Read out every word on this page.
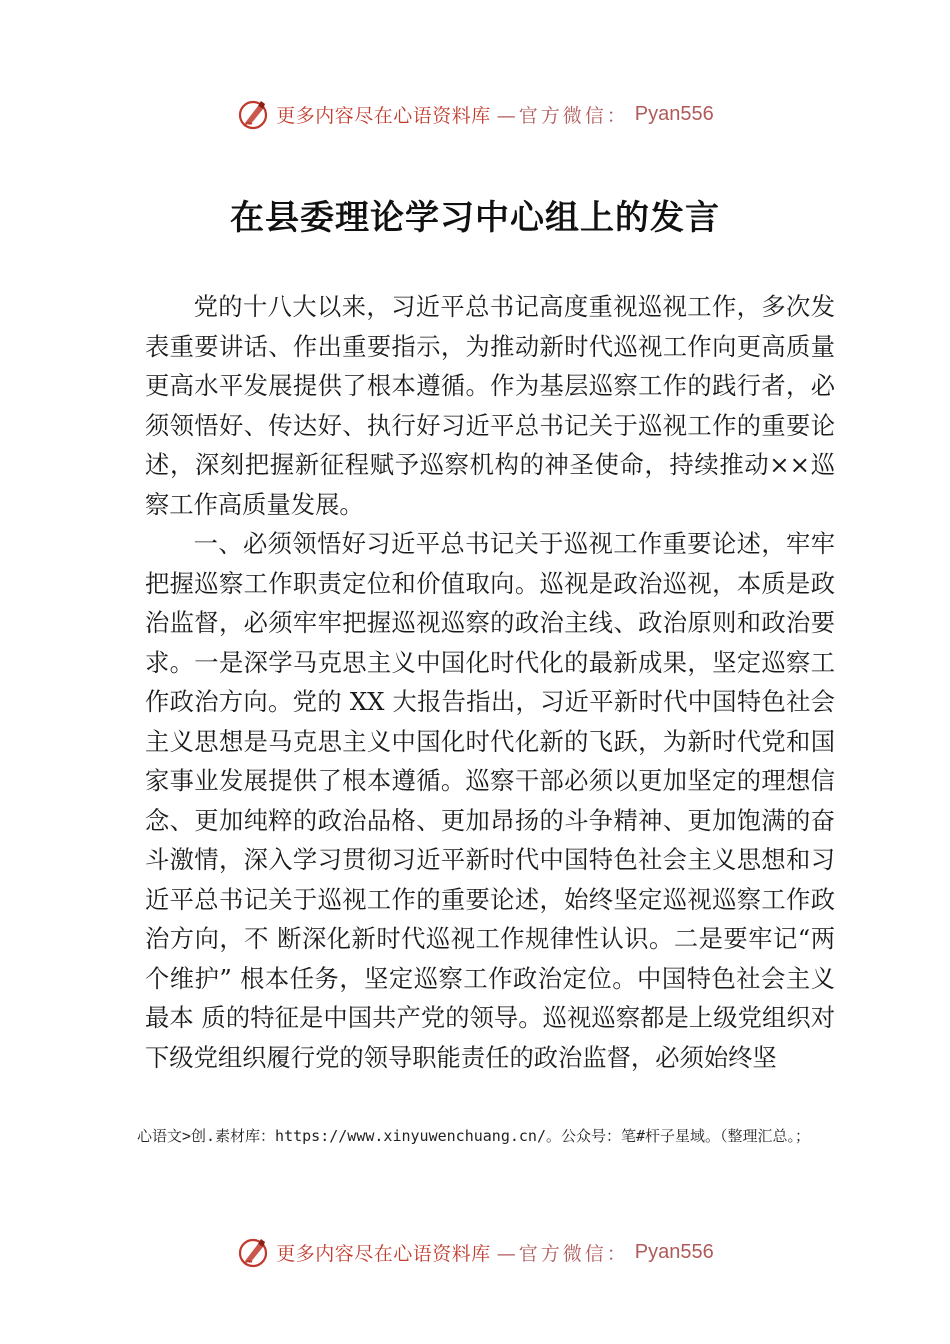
更多内容尽在心语资料库 —官方微信： Pyan556
在县委理论学习中心组上的发言

党的十八大以来，习近平总书记高度重视巡视工作，多次发表重要讲话、作出重要指示，为推动新时代巡视工作向更高质量更高水平发展提供了根本遵循。作为基层巡察工作的践行者，必须领悟好、传达好、执行好习近平总书记关于巡视工作的重要论述，深刻把握新征程赋予巡察机构的神圣使命，持续推动××巡察工作高质量发展。

一、必须领悟好习近平总书记关于巡视工作重要论述，牢牢把握巡察工作职责定位和价值取向。巡视是政治巡视，本质是政治监督，必须牢牢把握巡视巡察的政治主线、政治原则和政治要求。一是深学马克思主义中国化时代化的最新成果，坚定巡察工作政治方向。党的 XX 大报告指出，习近平新时代中国特色社会主义思想是马克思主义中国化时代化新的飞跃，为新时代党和国家事业发展提供了根本遵循。巡察干部必须以更加坚定的理想信念、更加纯粹的政治品格、更加昂扬的斗争精神、更加饱满的奋斗激情，深入学习贯彻习近平新时代中国特色社会主义思想和习近平总书记关于巡视工作的重要论述，始终坚定巡视巡察工作政治方向，不 断深化新时代巡视工作规律性认识。二是要牢记“两个维护” 根本任务，坚定巡察工作政治定位。中国特色社会主义最本 质的特征是中国共产党的领导。巡视巡察都是上级党组织对 下级党组织履行党的领导职能责任的政治监督，必须始终坚

心语文>创.素材库：https://www.xinyuwenchuang.cn/。公众号：笔#杆子星域。（整理汇总。；
更多内容尽在心语资料库 —官方微信： Pyan556
